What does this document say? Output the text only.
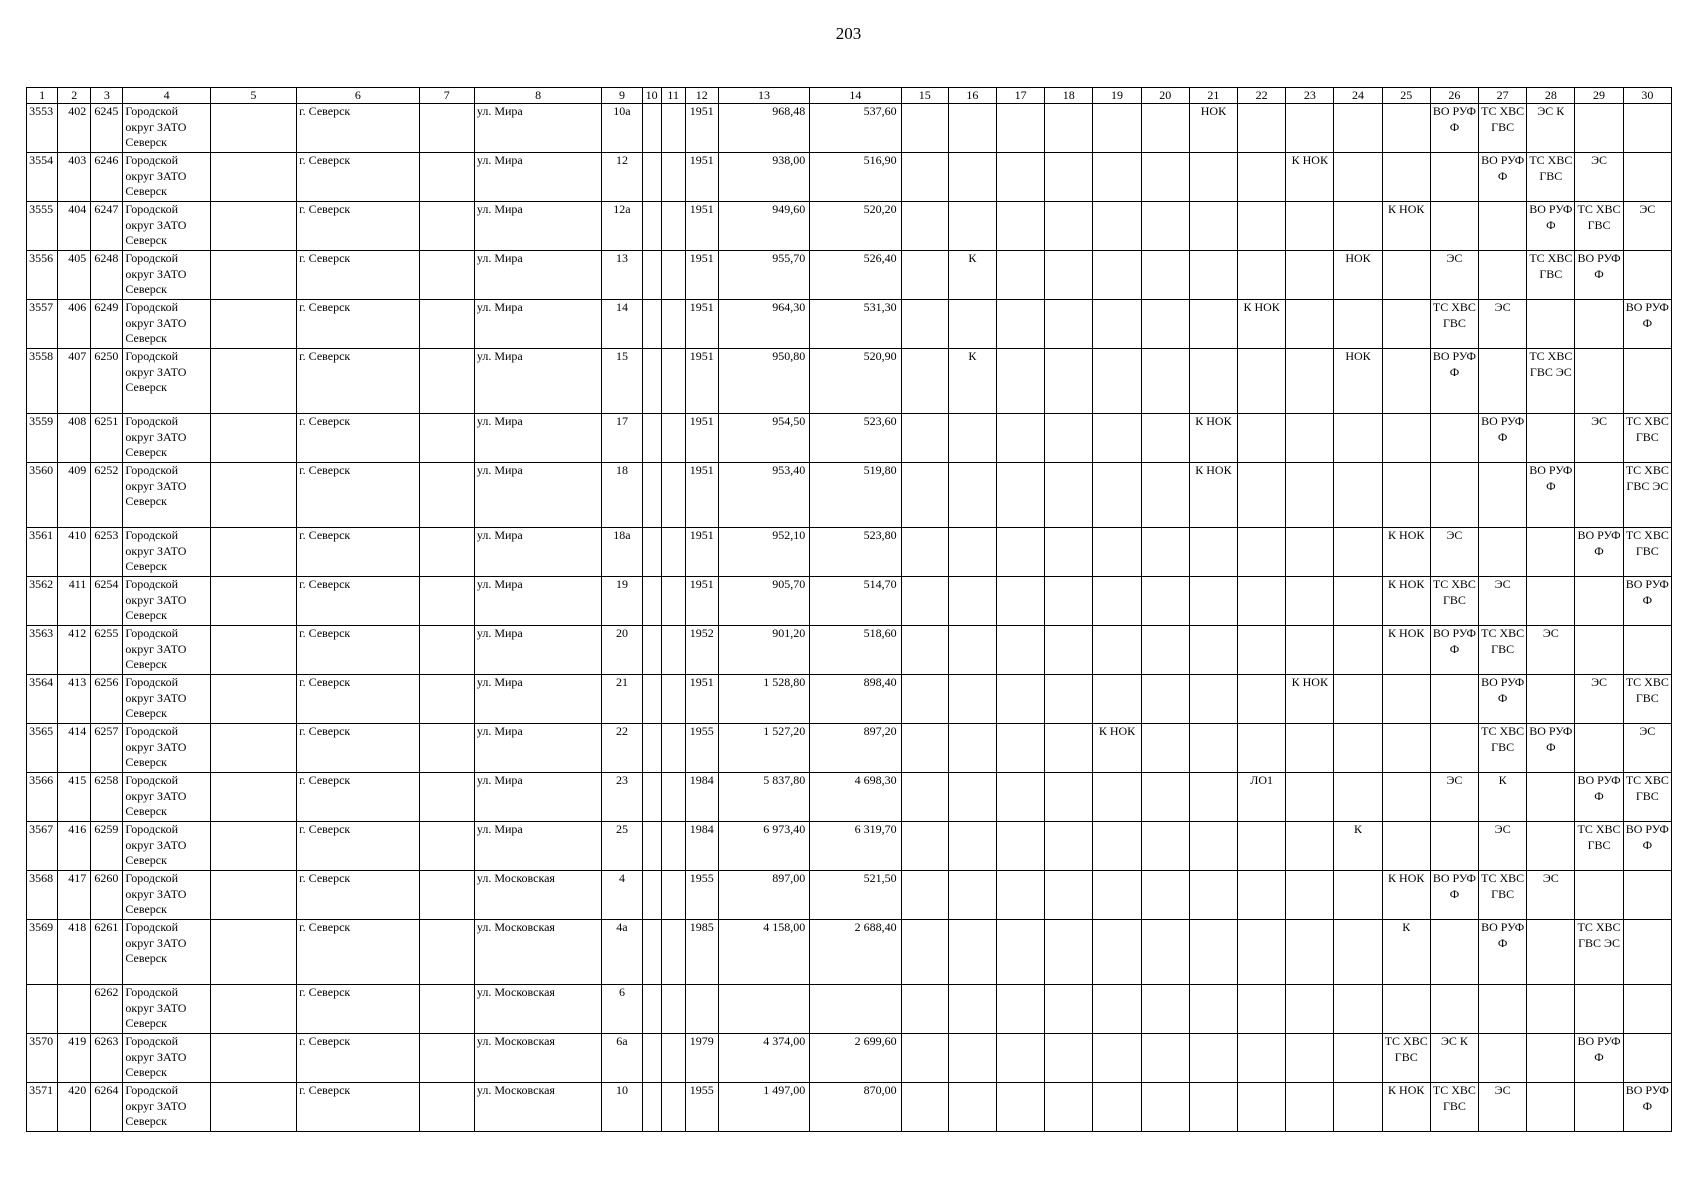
203
1	2	3	4	5	6	7	8	9	10	11	12	13	14	15	16	17	18	19	20	21	22	23	24	25	26	27	28	29	30
3553	402	6245	Городской округ ЗАТО Северск		г. Северск		ул. Мира	10а			1951	968,48	537,60							НОК					ВО РУФ Ф	ТС ХВС ГВС	ЭС К		
3554	403	6246	Городской округ ЗАТО Северск		г. Северск		ул. Мира	12			1951	938,00	516,90									К НОК				ВО РУФ Ф	ТС ХВС ГВС	ЭС	
3555	404	6247	Городской округ ЗАТО Северск		г. Северск		ул. Мира	12а			1951	949,60	520,20											К НОК			ВО РУФ Ф	ТС ХВС ГВС	ЭС
3556	405	6248	Городской округ ЗАТО Северск		г. Северск		ул. Мира	13			1951	955,70	526,40		К								НОК		ЭС		ТС ХВС ГВС	ВО РУФ Ф	
3557	406	6249	Городской округ ЗАТО Северск		г. Северск		ул. Мира	14			1951	964,30	531,30								К НОК				ТС ХВС ГВС	ЭС			ВО РУФ Ф
3558	407	6250	Городской округ ЗАТО Северск		г. Северск		ул. Мира	15			1951	950,80	520,90		К								НОК		ВО РУФ Ф		ТС ХВС ГВС ЭС		
3559	408	6251	Городской округ ЗАТО Северск		г. Северск		ул. Мира	17			1951	954,50	523,60							К НОК						ВО РУФ Ф		ЭС	ТС ХВС ГВС
3560	409	6252	Городской округ ЗАТО Северск		г. Северск		ул. Мира	18			1951	953,40	519,80							К НОК							ВО РУФ Ф		ТС ХВС ГВС ЭС
3561	410	6253	Городской округ ЗАТО Северск		г. Северск		ул. Мира	18а			1951	952,10	523,80											К НОК	ЭС			ВО РУФ Ф	ТС ХВС ГВС
3562	411	6254	Городской округ ЗАТО Северск		г. Северск		ул. Мира	19			1951	905,70	514,70											К НОК	ТС ХВС ГВС	ЭС			ВО РУФ Ф
3563	412	6255	Городской округ ЗАТО Северск		г. Северск		ул. Мира	20			1952	901,20	518,60											К НОК	ВО РУФ Ф	ТС ХВС ГВС	ЭС		
3564	413	6256	Городской округ ЗАТО Северск		г. Северск		ул. Мира	21			1951	1 528,80	898,40									К НОК				ВО РУФ Ф		ЭС	ТС ХВС ГВС
3565	414	6257	Городской округ ЗАТО Северск		г. Северск		ул. Мира	22			1955	1 527,20	897,20					К НОК								ТС ХВС ГВС	ВО РУФ Ф		ЭС
3566	415	6258	Городской округ ЗАТО Северск		г. Северск		ул. Мира	23			1984	5 837,80	4 698,30								ЛО1				ЭС	К		ВО РУФ Ф	ТС ХВС ГВС
3567	416	6259	Городской округ ЗАТО Северск		г. Северск		ул. Мира	25			1984	6 973,40	6 319,70										К			ЭС		ТС ХВС ГВС	ВО РУФ Ф
3568	417	6260	Городской округ ЗАТО Северск		г. Северск		ул. Московская	4			1955	897,00	521,50											К НОК	ВО РУФ Ф	ТС ХВС ГВС	ЭС		
3569	418	6261	Городской округ ЗАТО Северск		г. Северск		ул. Московская	4а			1985	4 158,00	2 688,40											К		ВО РУФ Ф		ТС ХВС ГВС ЭС	
		6262	Городской округ ЗАТО Северск		г. Северск		ул. Московская	6																					
3570	419	6263	Городской округ ЗАТО Северск		г. Северск		ул. Московская	6а			1979	4 374,00	2 699,60											ТС ХВС ГВС	ЭС К			ВО РУФ Ф	
3571	420	6264	Городской округ ЗАТО Северск		г. Северск		ул. Московская	10			1955	1 497,00	870,00											К НОК	ТС ХВС ГВС	ЭС			ВО РУФ Ф
